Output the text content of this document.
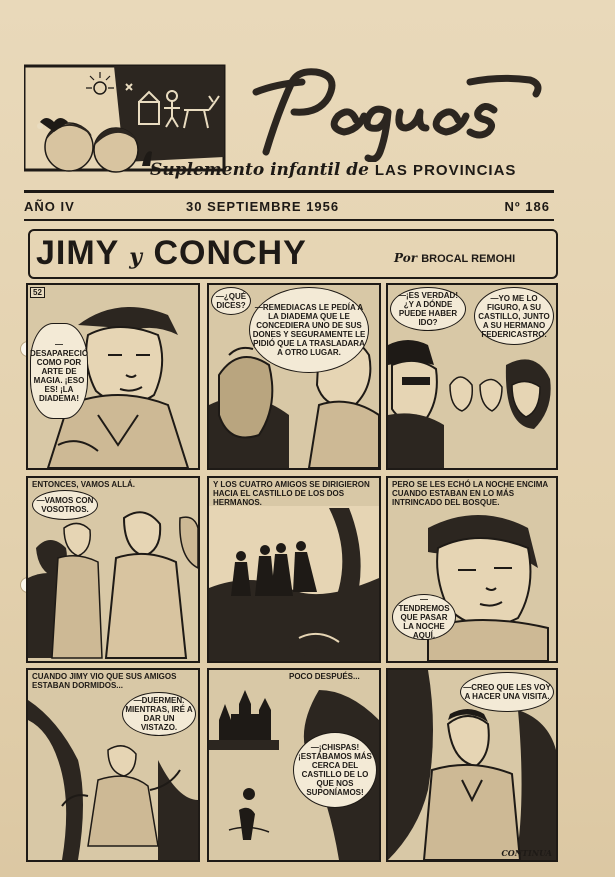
Suplemento infantil de LAS PROVINCIAS
AÑO IV	30 SEPTIEMBRE 1956	Nº 186
JIMY y CONCHY	Por BROCAL REMOHI
52
—DESAPARECIÓ COMO POR ARTE DE MAGIA. ¡ESO ES! ¡LA DIADEMA!
—¿QUÉ DICES?	—REMEDIACAS LE PEDÍA A LA DIADEMA QUE LE CONCEDIERA UNO DE SUS DONES Y SEGURAMENTE LE PIDIÓ QUE LA TRASLADARA A OTRO LUGAR.
—¡ES VERDAD! ¿Y A DÓNDE PUEDE HABER IDO?
—YO ME LO FIGURO, A SU CASTILLO, JUNTO A SU HERMANO FEDERICASTRO.
ENTONCES, VAMOS ALLÁ.
—VAMOS CON VOSOTROS.
Y LOS CUATRO AMIGOS SE DIRIGIERON HACIA EL CASTILLO DE LOS DOS HERMANOS.
PERO SE LES ECHÓ LA NOCHE ENCIMA CUANDO ESTABAN EN LO MÁS INTRINCADO DEL BOSQUE.
—TENDREMOS QUE PASAR LA NOCHE AQUÍ.
CUANDO JIMY VIO QUE SUS AMIGOS ESTABAN DORMIDOS...
—DUERMEN. MIENTRAS, IRÉ A DAR UN VISTAZO.
POCO DESPUÉS...
—¡CHISPAS! ¡ESTÁBAMOS MÁS CERCA DEL CASTILLO DE LO QUE NOS SUPONÍAMOS!
—CREO QUE LES VOY A HACER UNA VISITA.
CONTINUA
